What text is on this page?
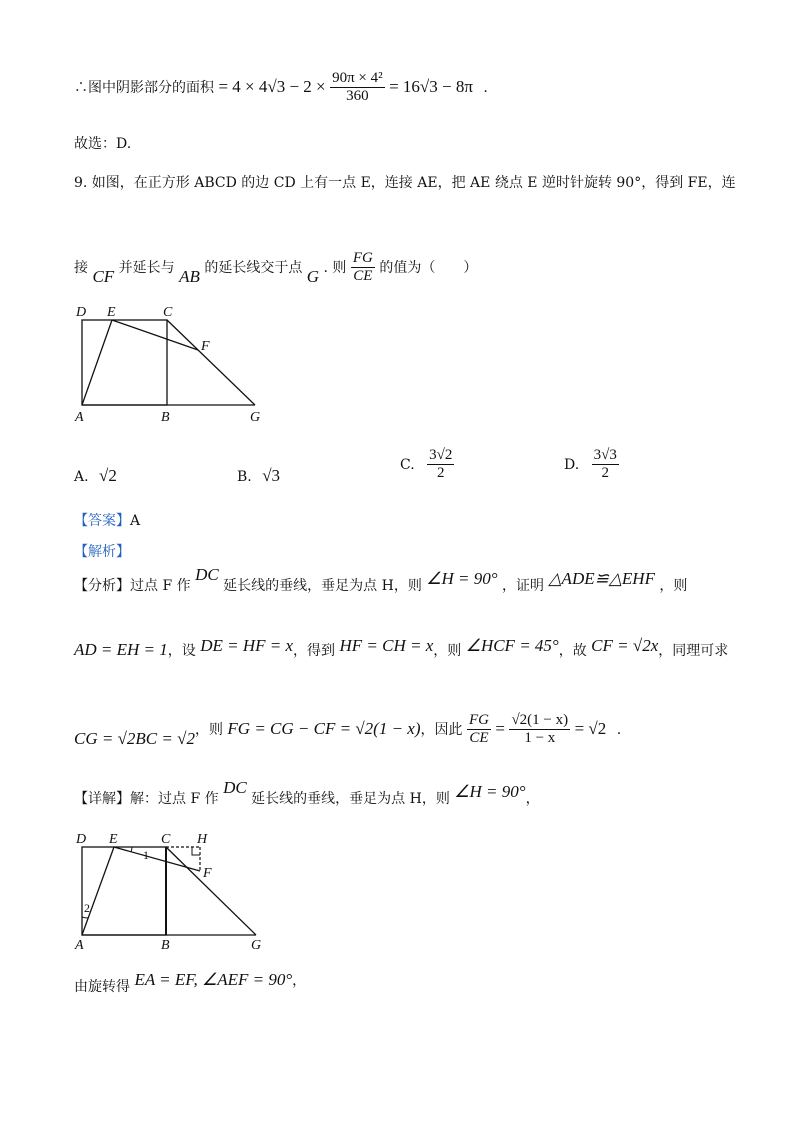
∴图中阴影部分的面积 = $4 \times 4√3 - 2 \times \frac{\text{90π × 4²}}{360} = 16√3 - 8\pi$ .
故选：D.
9. 如图，在正方形 ABCD 的边 CD 上有一点 E，连接 AE，把 AE 绕点 E 逆时针旋转 90°，得到 FE，连
接 CF 并延长与 AB 的延长线交于点 G . 则 $\frac{FG}{CE}$ 的值为（　　）
D E	C
F
A	B	G
A. √2	B. √3
C. $\frac{3√2}{2}$	D. $\frac{3√3}{2}$
【答案】A
【解析】
【分析】过点 F 作 DC 延长线的垂线，垂足为点 H，则 ∠H = 90° ，证明 △ADE≌△EHF ，则
AD = EH = 1，设 DE = HF = x，得到 HF = CH = x，则 ∠HCF = 45°，故 CF = √2x，同理可求
CG = √2BC = √2，则 FG = CG − CF = √2(1 − x)，因此 $\frac{FG}{CE} = \frac{√2(1 - x)}{1 - x} = √2$ .
【详解】解：过点 F 作 DC 延长线的垂线，垂足为点 H，则 ∠H = 90°，
1
2
D E	C H
F
A	B	G
由旋转得 EA = EF, ∠AEF = 90°，
